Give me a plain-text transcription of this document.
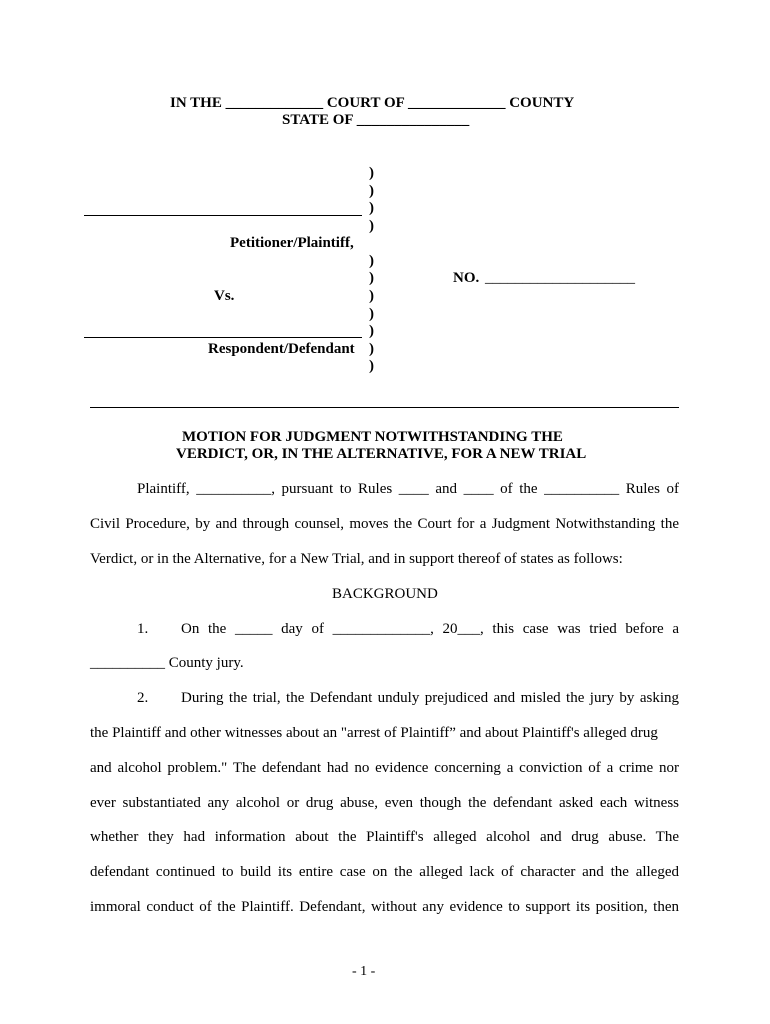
IN THE _____________ COURT OF _____________ COUNTY
STATE OF _______________
)
)
)
)
)
)
)
)
)
)
)
Petitioner/Plaintiff,
Vs.
Respondent/Defendant
NO. ____________________
MOTION FOR JUDGMENT NOTWITHSTANDING THE
VERDICT, OR, IN THE ALTERNATIVE, FOR A NEW TRIAL
Plaintiff, __________, pursuant to Rules ____ and ____ of the __________ Rules of
Civil Procedure, by and through counsel, moves the Court for a Judgment Notwithstanding the
Verdict, or in the Alternative, for a New Trial, and in support thereof of states as follows:
BACKGROUND
1. On the _____ day of _____________, 20___, this case was tried before a
__________ County jury.
2. During the trial, the Defendant unduly prejudiced and misled the jury by asking
the Plaintiff and other witnesses about an "arrest of Plaintiff” and about Plaintiff's alleged drug
and alcohol problem." The defendant had no evidence concerning a conviction of a crime nor
ever substantiated any alcohol or drug abuse, even though the defendant asked each witness
whether they had information about the Plaintiff's alleged alcohol and drug abuse. The
defendant continued to build its entire case on the alleged lack of character and the alleged
immoral conduct of the Plaintiff. Defendant, without any evidence to support its position, then
- 1 -
